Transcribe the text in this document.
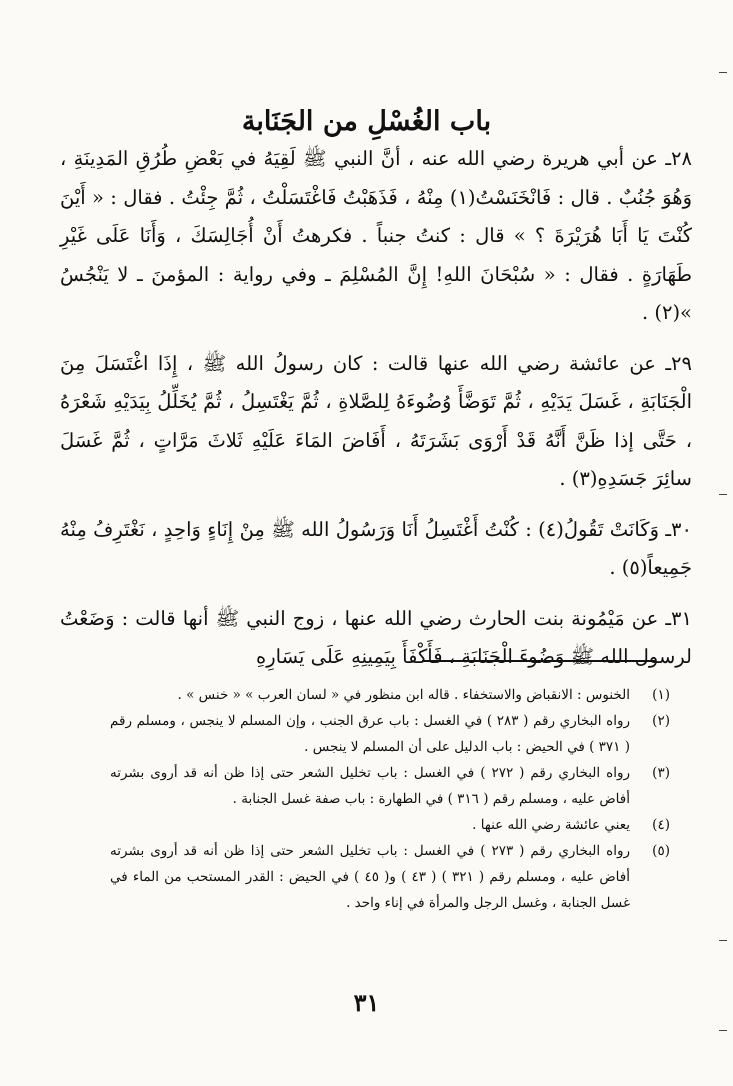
باب الغُسْلِ من الجَنَابة

٢٨ـ عن أبي هريرة رضي الله عنه ، أنَّ النبي ﷺ لَقِيَهُ في بَعْضِ طُرُقِ المَدِينَةِ ، وَهُوَ جُنُبٌ . قال : فَانْخَنَسْتُ(١) مِنْهُ ، فَذَهَبْتُ فَاغْتَسَلْتُ ، ثُمَّ جِئْتُ . فقال : « أَيْنَ كُنْتَ يَا أَبَا هُرَيْرَةَ ؟ » قال : كنتُ جنباً . فكرهتُ أَنْ أُجَالِسَكَ ، وَأَنَا عَلَى غَيْرِ طَهَارَةٍ . فقال : « سُبْحَانَ اللهِ! إِنَّ المُسْلِمَ ـ وفي رواية : المؤمنَ ـ لا يَنْجُسُ »(٢) .

٢٩ـ عن عائشة رضي الله عنها قالت : كان رسولُ الله ﷺ ، إِذَا اغْتَسَلَ مِنَ الْجَنَابَةِ ، غَسَلَ يَدَيْهِ ، ثُمَّ تَوَضَّأَ وُضُوءَهُ لِلصَّلاةِ ، ثُمَّ يَغْتَسِلُ ، ثُمَّ يُخَلِّلُ بِيَدَيْهِ شَعْرَهُ ، حَتَّى إذا ظَنَّ أَنَّهُ قَدْ أَرْوَى بَشَرَتَهُ ، أَفَاضَ المَاءَ عَلَيْهِ ثَلاثَ مَرَّاتٍ ، ثُمَّ غَسَلَ سائِرَ جَسَدِهِ(٣) .

٣٠ـ وَكَانَتْ تَقُولُ(٤) : كُنْتُ أَغْتَسِلُ أَنَا وَرَسُولُ الله ﷺ مِنْ إِنَاءٍ وَاحِدٍ ، نَغْتَرِفُ مِنْهُ جَمِيعاً(٥) .

٣١ـ عن مَيْمُونة بنت الحارث رضي الله عنها ، زوج النبي ﷺ أنها قالت : وَضَعْتُ لرسول الله ﷺ وَضُوءَ الْجَنَابَةِ ، فَأَكْفَأَ بِيَمِينِهِ عَلَى يَسَارِهِ

(١)
الخنوس : الانقباض والاستخفاء . قاله ابن منظور في « لسان العرب » « خنس » .
(٢)
رواه البخاري رقم ( ٢٨٣ ) في الغسل : باب عرق الجنب ، وإن المسلم لا ينجس ، ومسلم رقم ( ٣٧١ ) في الحيض : باب الدليل على أن المسلم لا ينجس .
(٣)
رواه البخاري رقم ( ٢٧٢ ) في الغسل : باب تخليل الشعر حتى إذا ظن أنه قد أروى بشرته أفاض عليه ، ومسلم رقم ( ٣١٦ ) في الطهارة : باب صفة غسل الجنابة .
(٤)
يعني عائشة رضي الله عنها .
(٥)
رواه البخاري رقم ( ٢٧٣ ) في الغسل : باب تخليل الشعر حتى إذا ظن أنه قد أروى بشرته أفاض عليه ، ومسلم رقم ( ٣٢١ ) ( ٤٣ ) و( ٤٥ ) في الحيض : القدر المستحب من الماء في غسل الجنابة ، وغسل الرجل والمرأة في إناء واحد .
٣١
